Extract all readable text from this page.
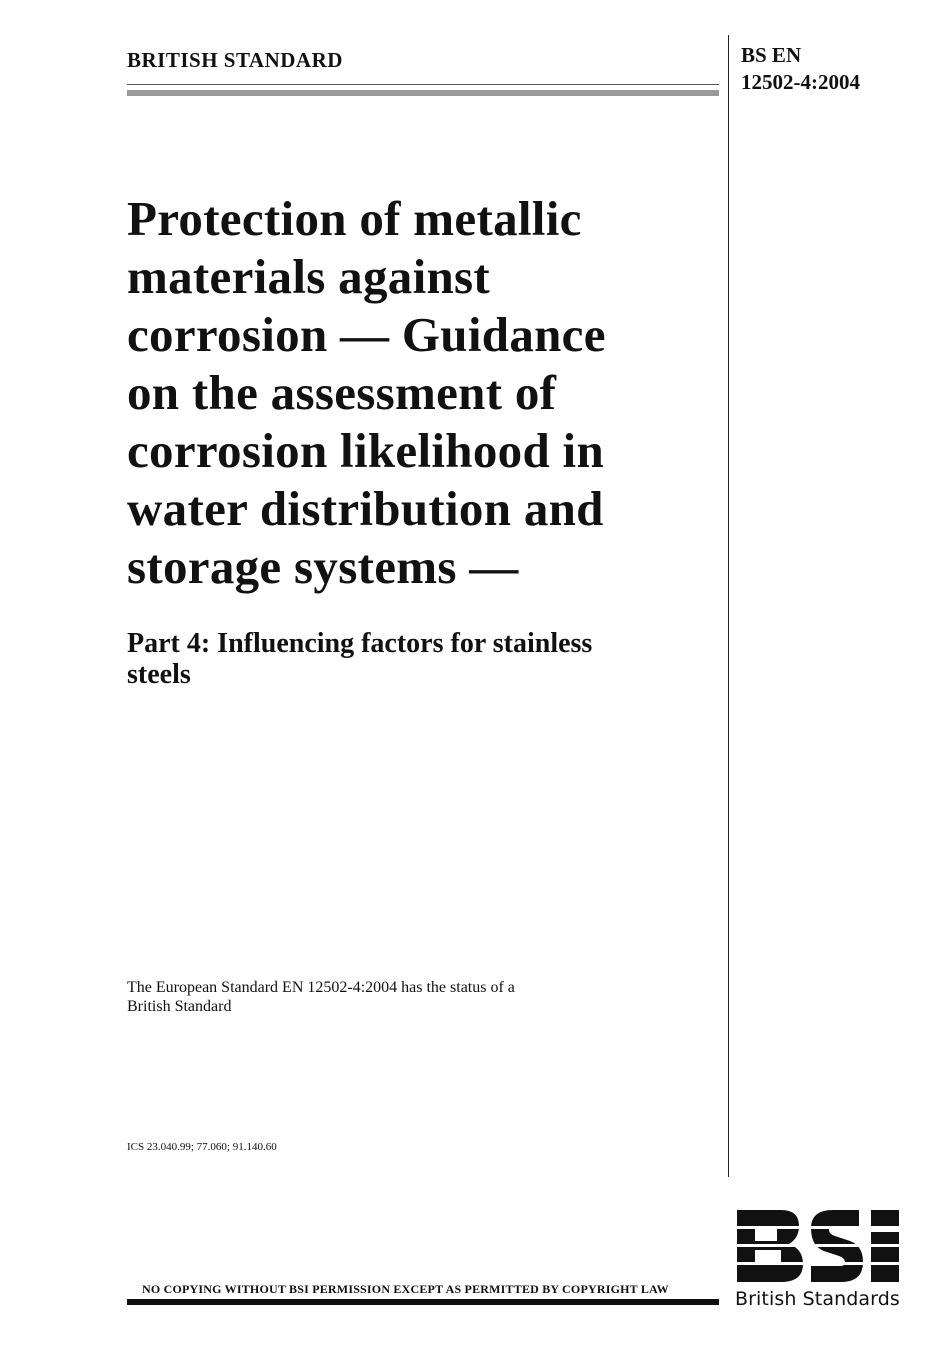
BRITISH STANDARD	BS EN
12502-4:2004
Protection of metallic
materials against
corrosion — Guidance
on the assessment of
corrosion likelihood in
water distribution and
storage systems —
Part 4: Influencing factors for stainless
steels
The European Standard EN 12502-4:2004 has the status of a
British Standard
ICS 23.040.99; 77.060; 91.140.60
NO COPYING WITHOUT BSI PERMISSION EXCEPT AS PERMITTED BY COPYRIGHT LAW	British Standards
